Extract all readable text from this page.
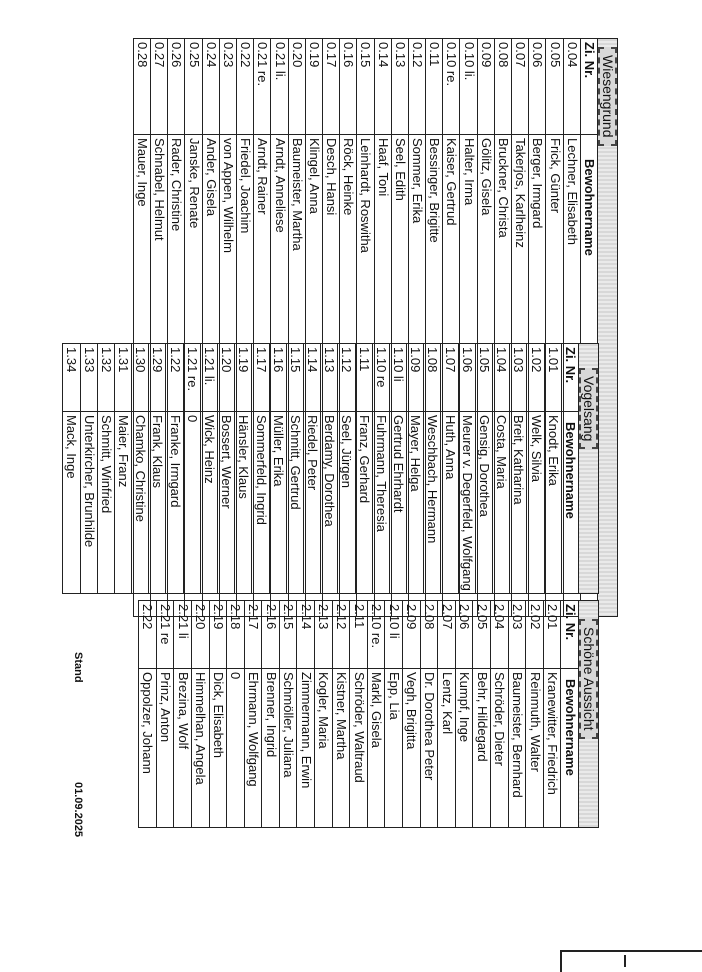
Wiesengrund	

Zi. Nr.	Bewohnername
0.04	Lechner, Elisabeth
0.05	Frick, Günter
0.06	Berger, Irmgard
0.07	Takerjos, Karlheinz
0.08	Bruckner, Christa
0.09	Gölitz, Gisela
0.10 li.	Halter, Irma
0.10 re.	Kaiser, Gertrud
0.11	Bessinger, Brigitte
0.12	Sommer, Erika
0.13	Seel, Edith
0.14	Haaf, Toni
0.15	Leinhardt, Roswitha
0.16	Röck, Heinke
0.17	Desch, Hansi
0.19	Klingel, Anna
0.20	Baumeister, Martha
0.21 li.	Arndt, Anneliese
0.21 re.	Arndt, Rainer
0.22	Friedel, Joachim
0.23	von Appen, Wilhelm
0.24	Ander, Gisela
0.25	Janske, Renate
0.26	Rader, Christine
0.27	Schnabel, Helmut
0.28	Mauer, Inge
Vogelsang	

Zi. Nr.	Bewohnername
1.01	Knodt, Erika
1.02	Welk, Silvia
1.03	Breit, Katharina
1.04	Costa, Maria
1.05	Gensig, Dorothea
1.06	Meurer v. Degerfeld, Wolfgang
1.07	Huth, Anna
1.08	Weschbach, Hermann
1.09	Mayer, Helga
1.10 li	Gertrud Ehrhardt
1.10 re	Fuhrmann, Theresia
1.11	Franz, Gerhard
1.12	Seel, Jürgen
1.13	Berdamy, Dorothea
1.14	Riedel, Peter
1.15	Schmitt, Gertrud
1.16	Müller, Erika
1.17	Sommerfeld, Ingrid
1.19	Hänsler, Klaus
1.20	Bossert, Werner
1.21 li.	Wick, Heinz
1.21 re.	0
1.22	Franke, Irmgard
1.29	Frank, Klaus
1.30	Chamko, Christine
1.31	Maier, Franz
1.32	Schmitt, Winfried
1.33	Unterkircher, Brunhilde
1.34	Mack, Inge
Schöne Aussicht	

Zi. Nr.	Bewohnername
2.01	Kranewitter, Friedrich
2.02	Reinmuth, Walter
2.03	Baumeister, Bernhard
2.04	Schröder, Dieter
2.05	Behr, Hildegard
2.06	Kumpf, Inge
2.07	Lentz, Karl
2.08	Dr. Dorothea Peter
2.09	Vegh, Brigitta
2.10 li	Epp, Lia
2.10 re.	Markl, Gisela
2.11	Schröder, Waltraud
2.12	Kistner, Martha
2.13	Kogler, Maria
2.14	Zimmermann, Erwin
2.15	Schmöller, Juliana
2.16	Brenner, Ingrid
2.17	Ehrmann, Wolfgang
2.18	0
2.19	Dick, Elisabeth
2.20	Himmelhan, Angela
2.21 li	Brezina, Wolf
2.21 re	Prinz, Anton
2.22	Oppolzer, Johann
Stand
01.09.2025
